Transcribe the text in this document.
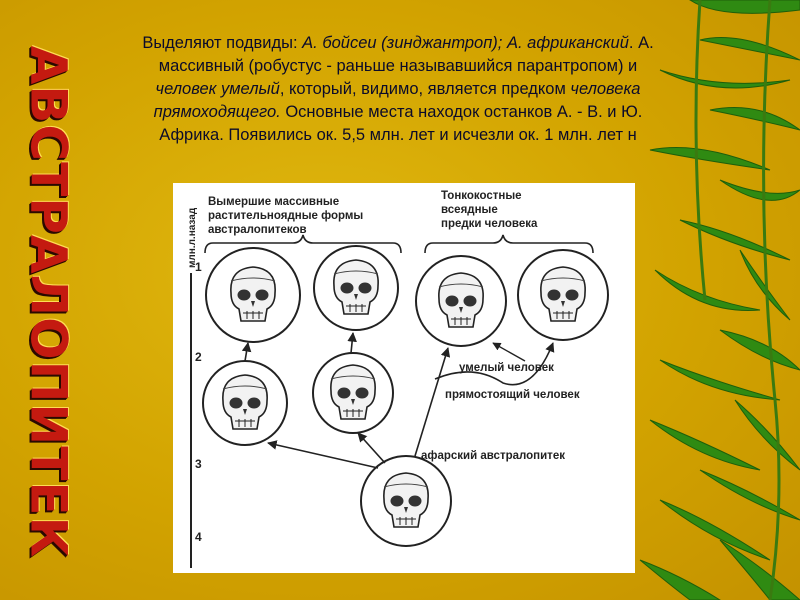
АВСТРАЛОПИТЕК
Выделяют подвиды: А. бойсеи (зинджантроп); А. африканский. А. массивный (робустус - раньше называвшийся парантропом) и человек умелый, который, видимо, является предком человека прямоходящего. Основные места находок останков А. - В. и Ю. Африка. Появились ок. 5,5 млн. лет и исчезли ок. 1 млн. лет н
млн.л.назад
1
2
3
4
Вымершие массивные
растительноядные формы
австралопитеков
Тонкокостные
всеядные
предки человека
умелый человек
прямостоящий человек
афарский австралопитек
